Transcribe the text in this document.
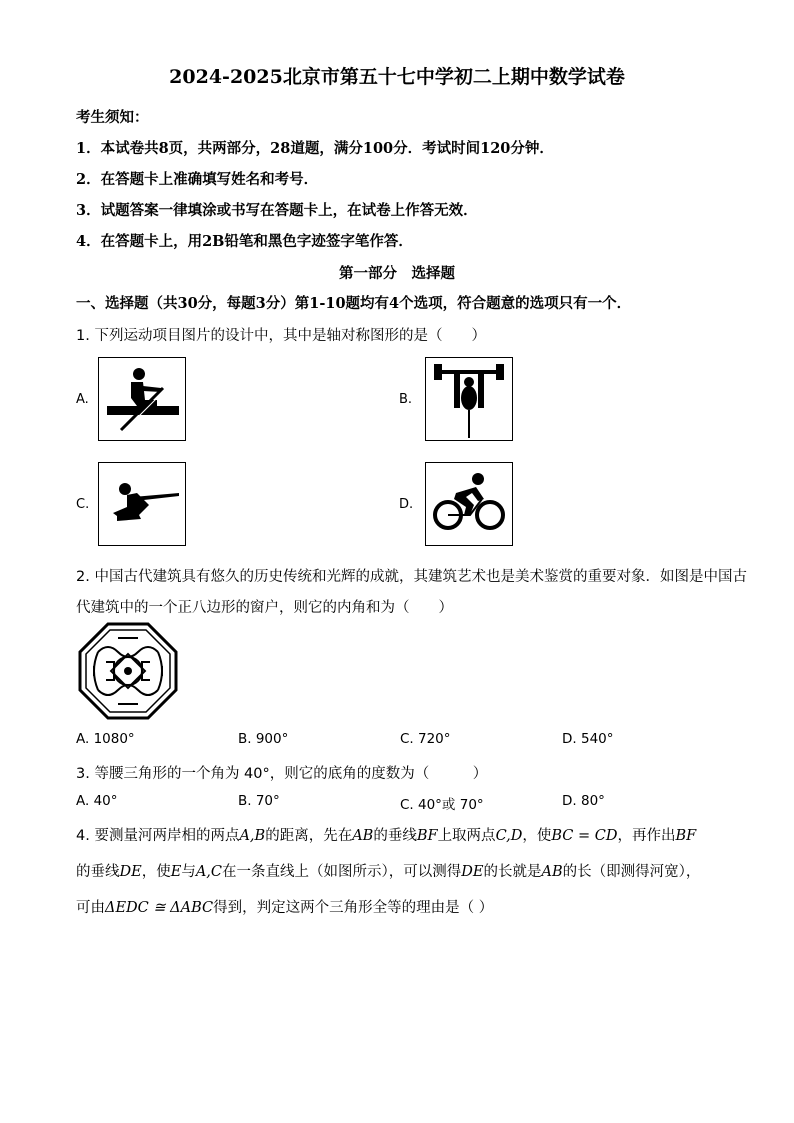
2024-2025北京市第五十七中学初二上期中数学试卷
考生须知：
1．本试卷共8页，共两部分，28道题，满分100分．考试时间120分钟．
2．在答题卡上准确填写姓名和考号．
3．试题答案一律填涂或书写在答题卡上，在试卷上作答无效．
4．在答题卡上，用2B铅笔和黑色字迹签字笔作答．
第一部分　选择题
一、选择题（共30分，每题3分）第1-10题均有4个选项，符合题意的选项只有一个．
1. 下列运动项目图片的设计中，其中是轴对称图形的是（　　）
A.	B.
C.	D.
2. 中国古代建筑具有悠久的历史传统和光辉的成就，其建筑艺术也是美术鉴赏的重要对象．如图是中国古
代建筑中的一个正八边形的窗户，则它的内角和为（　　）
A. 1080°	B. 900°	C. 720°	D. 540°
3. 等腰三角形的一个角为 40°，则它的底角的度数为（　　　）
A. 40°	B. 70°	C. 40°或 70°	D. 80°
4. 要测量河两岸相的两点A,B的距离，先在AB的垂线BF上取两点C,D，使BC = CD，再作出BF
的垂线DE，使E与A,C在一条直线上（如图所示），可以测得DE的长就是AB的长（即测得河宽），
可由ΔEDC ≅ ΔABC得到，判定这两个三角形全等的理由是（ ）
